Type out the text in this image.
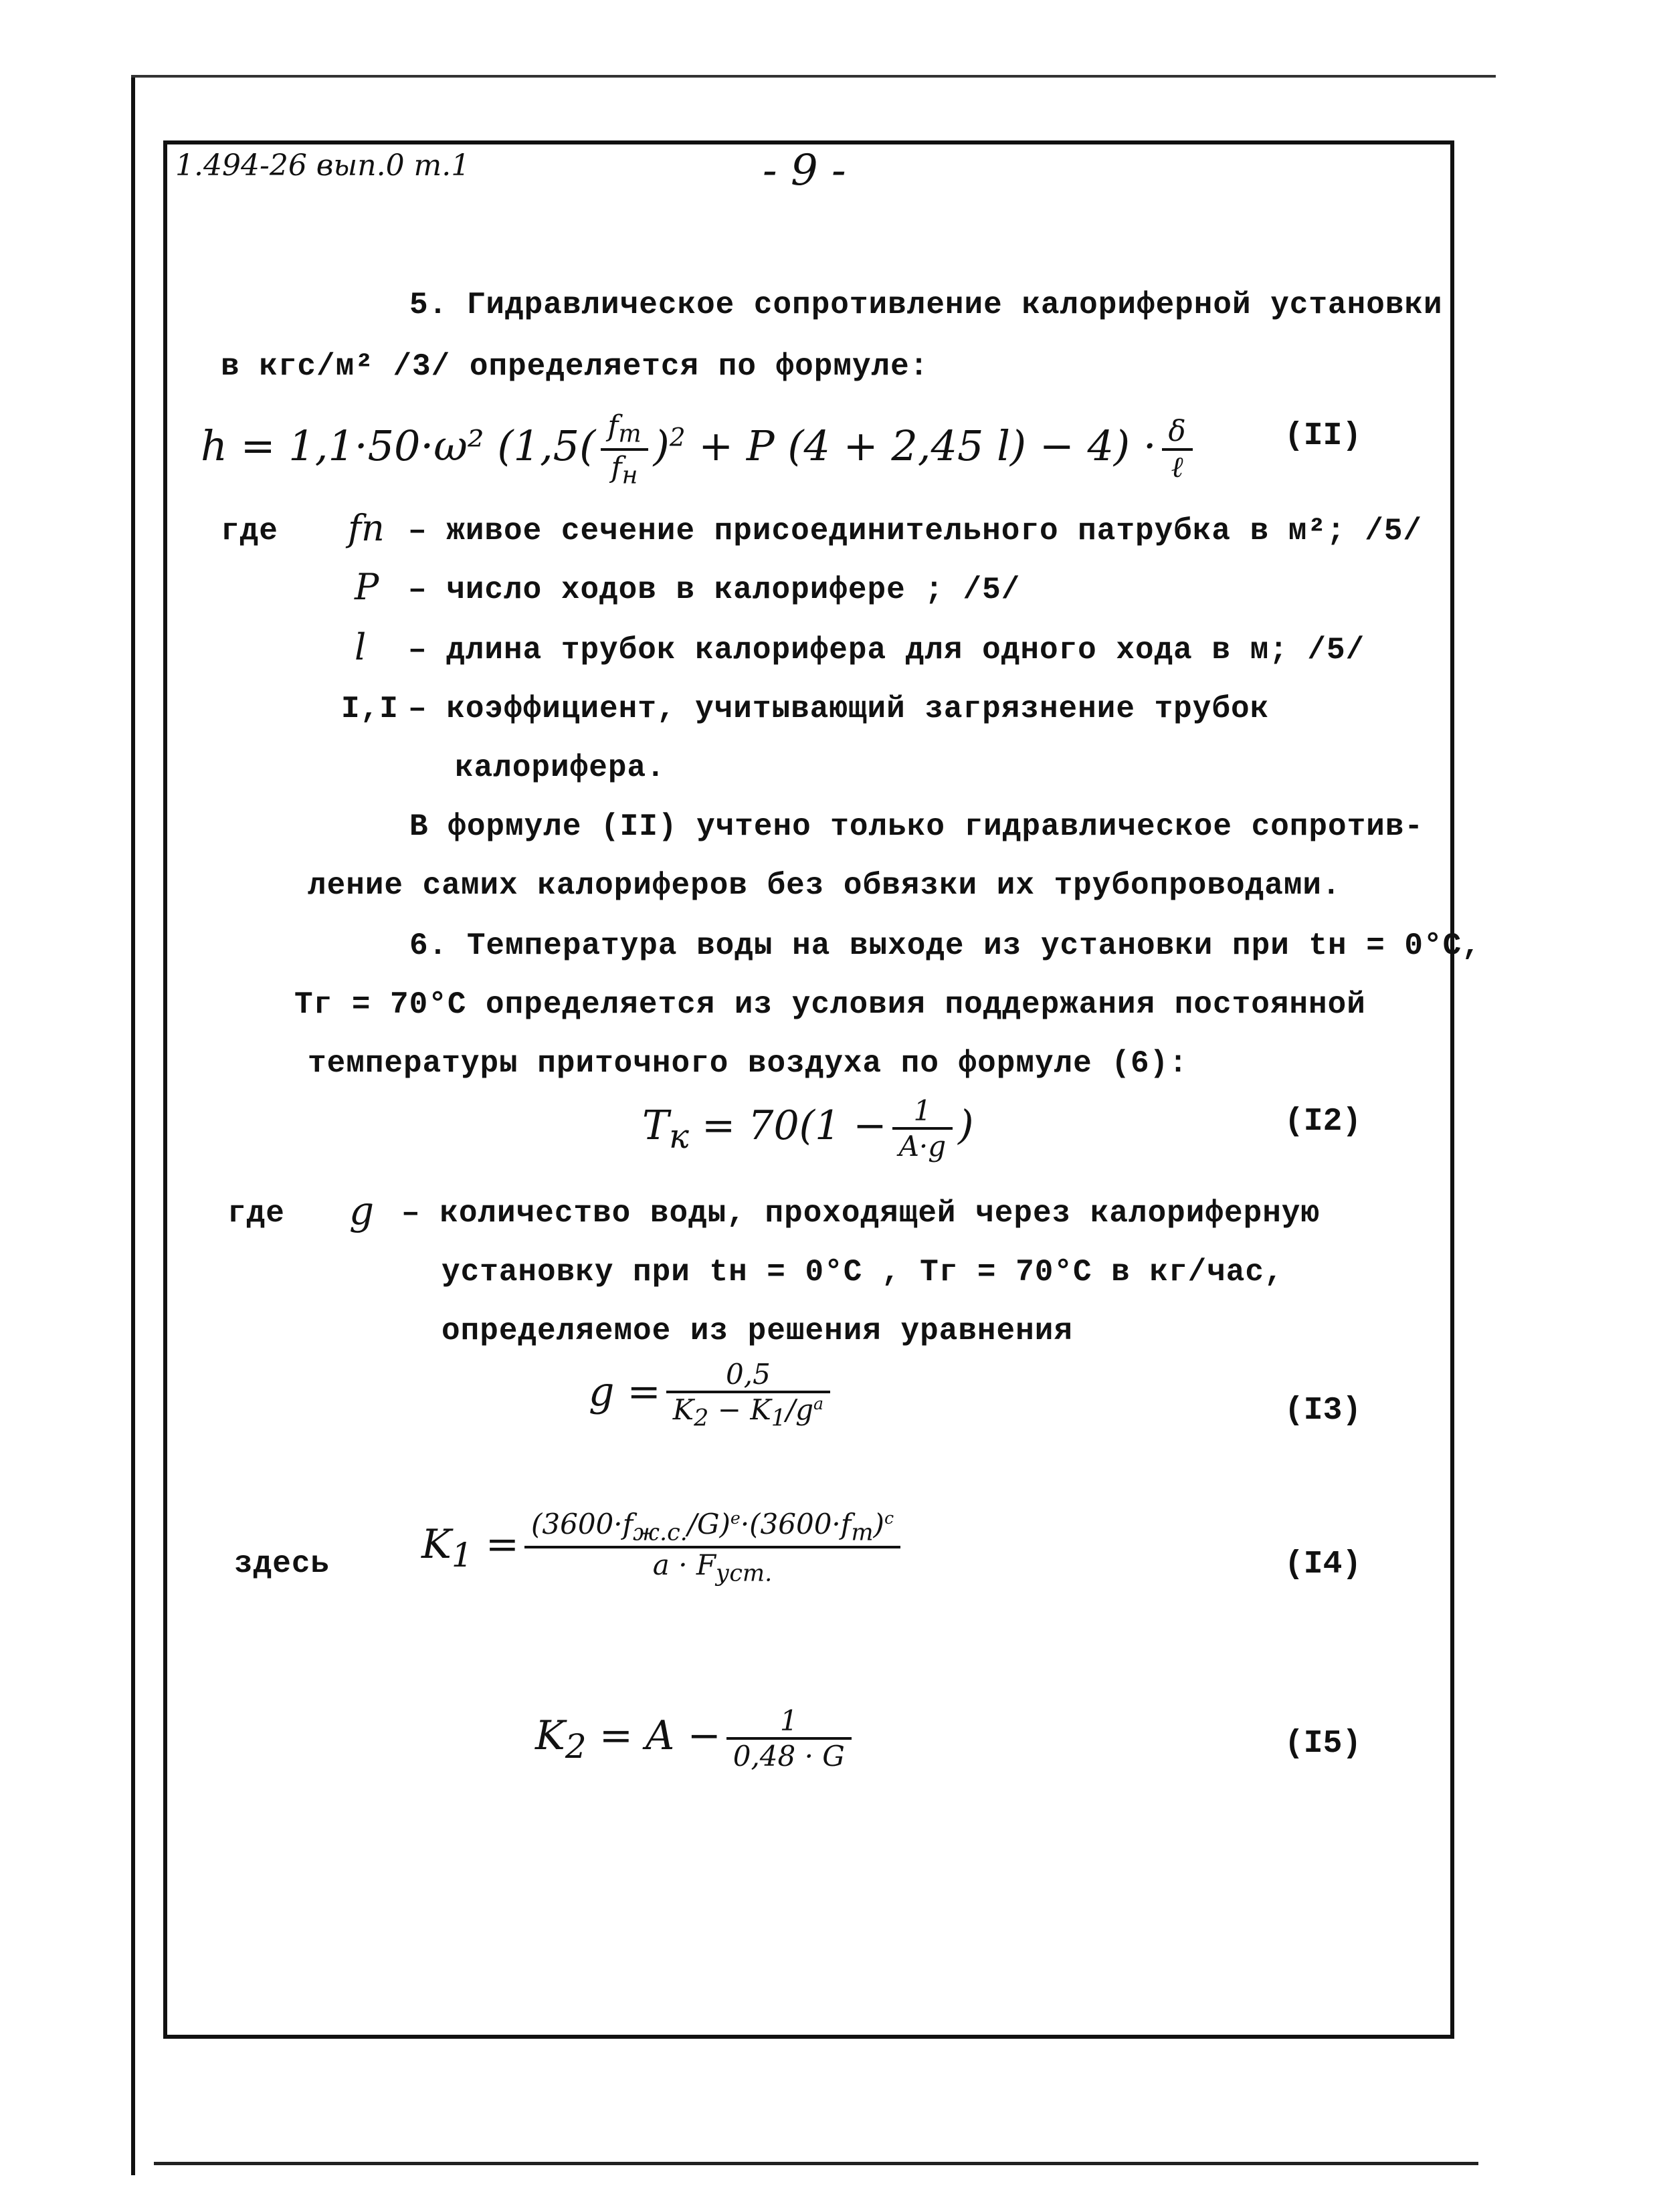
1.494-26 вып.0 т.1	- 9 -
5. Гидравлическое сопротивление калориферной установки
в кгс/м² /3/ определяется по формуле:
h = 1,1·50·ω² ($1,5( \frac{f_т}{f_н} )^2 + P$ (4 + 2,45 $l) - 4) \cdot \frac{\delta}{\text{ℓ}}$	(II)
где fп – живое сечение присоединительного патрубка в м²; /5/
P – число ходов в калорифере ; /5/
l – длина трубок калорифера для одного хода в м; /5/
I,I – коэффициент, учитывающий загрязнение трубок
калорифера.
В формуле (II) учтено только гидравлическое сопротив-
ление самих калориферов без обвязки их трубопроводами.
6. Температура воды на выходе из установки при tн = 0°С,
Tг = 70°С определяется из условия поддержания постоянной
температуры приточного воздуха по формуле (6):
$T_к = 70(1 - \frac{1}{A\cdot g}$ )	(I2)
где g – количество воды, проходящей через калориферную
установку при tн = 0°С , Tг = 70°С в кг/час,
определяемое из решения уравнения
$g = \frac{0,5}{K_2 - K_1/g^a}$	(I3)
здесь $K_1 = \frac{(3600\cdot f_{ж.с.}/G)^e\cdot(3600\cdot f_т)^c}{a \cdot F_{уст.}}$	(I4)
$K_2 = A - \frac{1}{0,48 \cdot G}$	(I5)
